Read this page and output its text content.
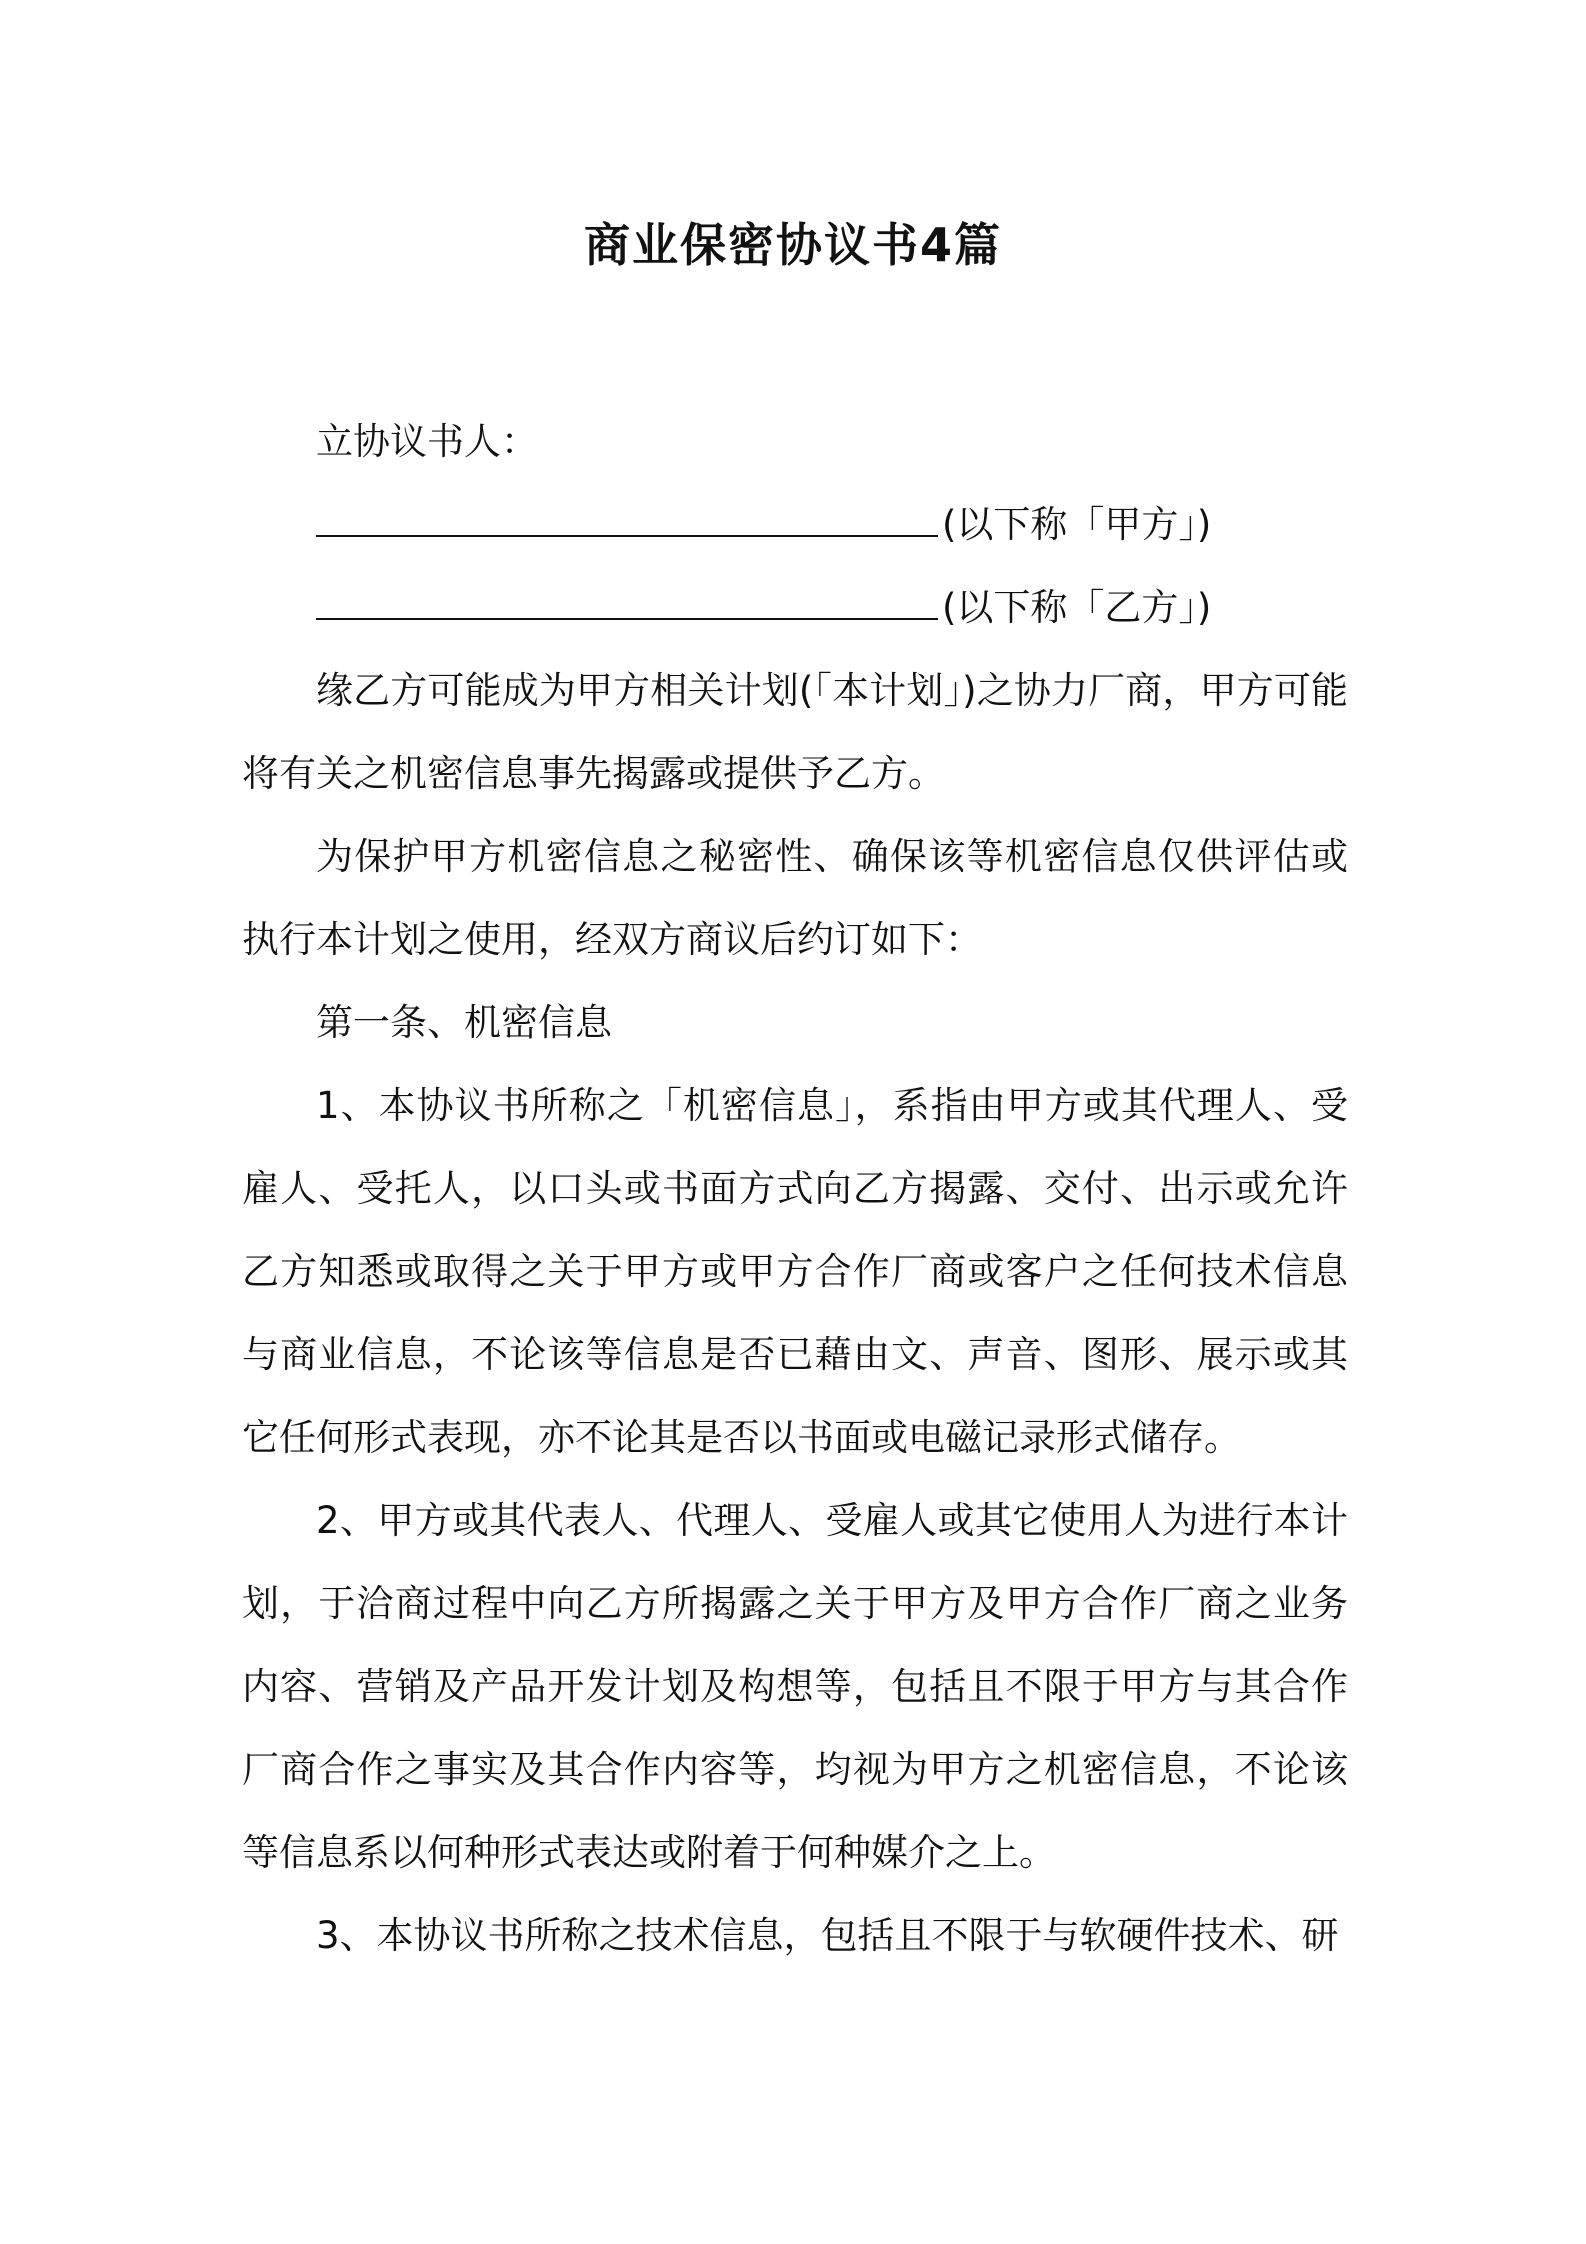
商业保密协议书4篇

立协议书人：

(以下称「甲方」)

(以下称「乙方」)

缘乙方可能成为甲方相关计划(「本计划」)之协力厂商，甲方可能将有关之机密信息事先揭露或提供予乙方。

为保护甲方机密信息之秘密性、确保该等机密信息仅供评估或执行本计划之使用，经双方商议后约订如下：

第一条、机密信息

1、本协议书所称之「机密信息」，系指由甲方或其代理人、受雇人、受托人，以口头或书面方式向乙方揭露、交付、出示或允许乙方知悉或取得之关于甲方或甲方合作厂商或客户之任何技术信息与商业信息，不论该等信息是否已藉由文、声音、图形、展示或其它任何形式表现，亦不论其是否以书面或电磁记录形式储存。

2、甲方或其代表人、代理人、受雇人或其它使用人为进行本计划，于洽商过程中向乙方所揭露之关于甲方及甲方合作厂商之业务内容、营销及产品开发计划及构想等，包括且不限于甲方与其合作厂商合作之事实及其合作内容等，均视为甲方之机密信息，不论该等信息系以何种形式表达或附着于何种媒介之上。

3、本协议书所称之技术信息，包括且不限于与软硬件技术、研
